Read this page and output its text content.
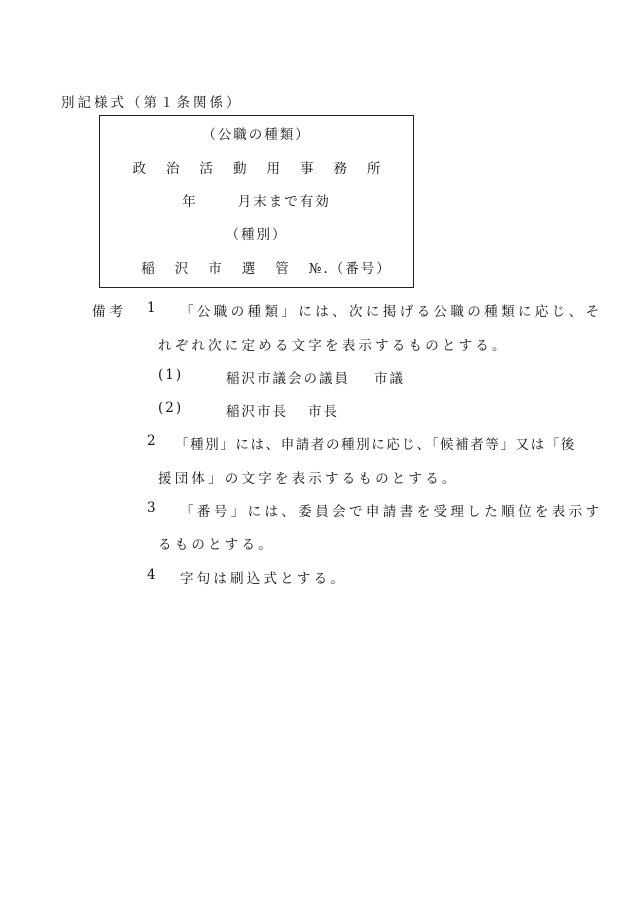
別記様式（第１条関係）
（公職の種類）
政治活動用事務所
年	月末まで有効
（種別）
稲沢市選管№.（番号）
備考 1 「公職の種類」には、次に掲げる公職の種類に応じ、そ
れぞれ次に定める文字を表示するものとする。
(1)	稲沢市議会の議員 市議
(2)	稲沢市長 市長
2 「種別」には、申請者の種別に応じ、「候補者等」又は「後
援団体」の文字を表示するものとする。
3 「番号」には、委員会で申請書を受理した順位を表示す
るものとする。
4 字句は刷込式とする。
